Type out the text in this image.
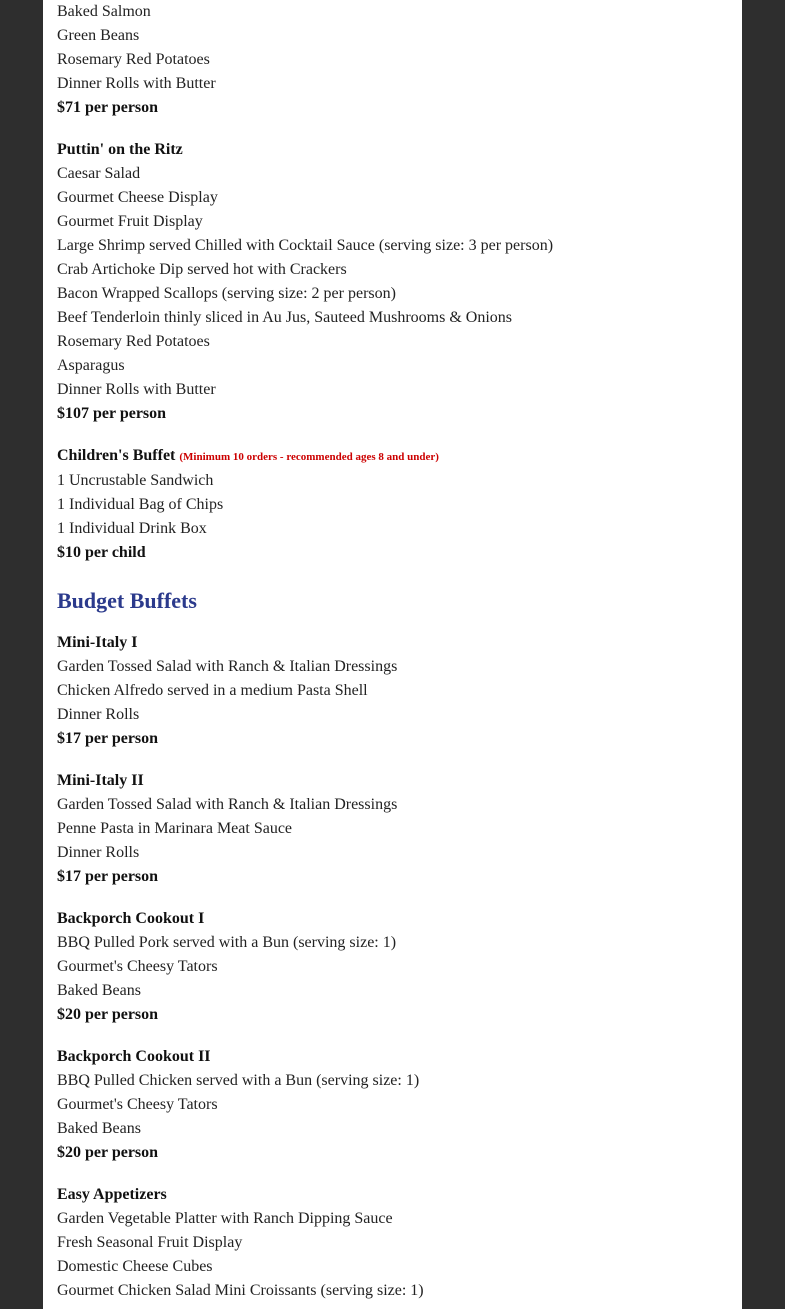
Baked Salmon
Green Beans
Rosemary Red Potatoes
Dinner Rolls with Butter
$71 per person
Puttin' on the Ritz
Caesar Salad
Gourmet Cheese Display
Gourmet Fruit Display
Large Shrimp served Chilled with Cocktail Sauce (serving size: 3 per person)
Crab Artichoke Dip served hot with Crackers
Bacon Wrapped Scallops (serving size: 2 per person)
Beef Tenderloin thinly sliced in Au Jus, Sauteed Mushrooms & Onions
Rosemary Red Potatoes
Asparagus
Dinner Rolls with Butter
$107 per person
Children's Buffet (Minimum 10 orders - recommended ages 8 and under)
1 Uncrustable Sandwich
1 Individual Bag of Chips
1 Individual Drink Box
$10 per child
Budget Buffets
Mini-Italy I
Garden Tossed Salad with Ranch & Italian Dressings
Chicken Alfredo served in a medium Pasta Shell
Dinner Rolls
$17 per person
Mini-Italy II
Garden Tossed Salad with Ranch & Italian Dressings
Penne Pasta in Marinara Meat Sauce
Dinner Rolls
$17 per person
Backporch Cookout I
BBQ Pulled Pork served with a Bun (serving size: 1)
Gourmet's Cheesy Tators
Baked Beans
$20 per person
Backporch Cookout II
BBQ Pulled Chicken served with a Bun (serving size: 1)
Gourmet's Cheesy Tators
Baked Beans
$20 per person
Easy Appetizers
Garden Vegetable Platter with Ranch Dipping Sauce
Fresh Seasonal Fruit Display
Domestic Cheese Cubes
Gourmet Chicken Salad Mini Croissants (serving size: 1)
